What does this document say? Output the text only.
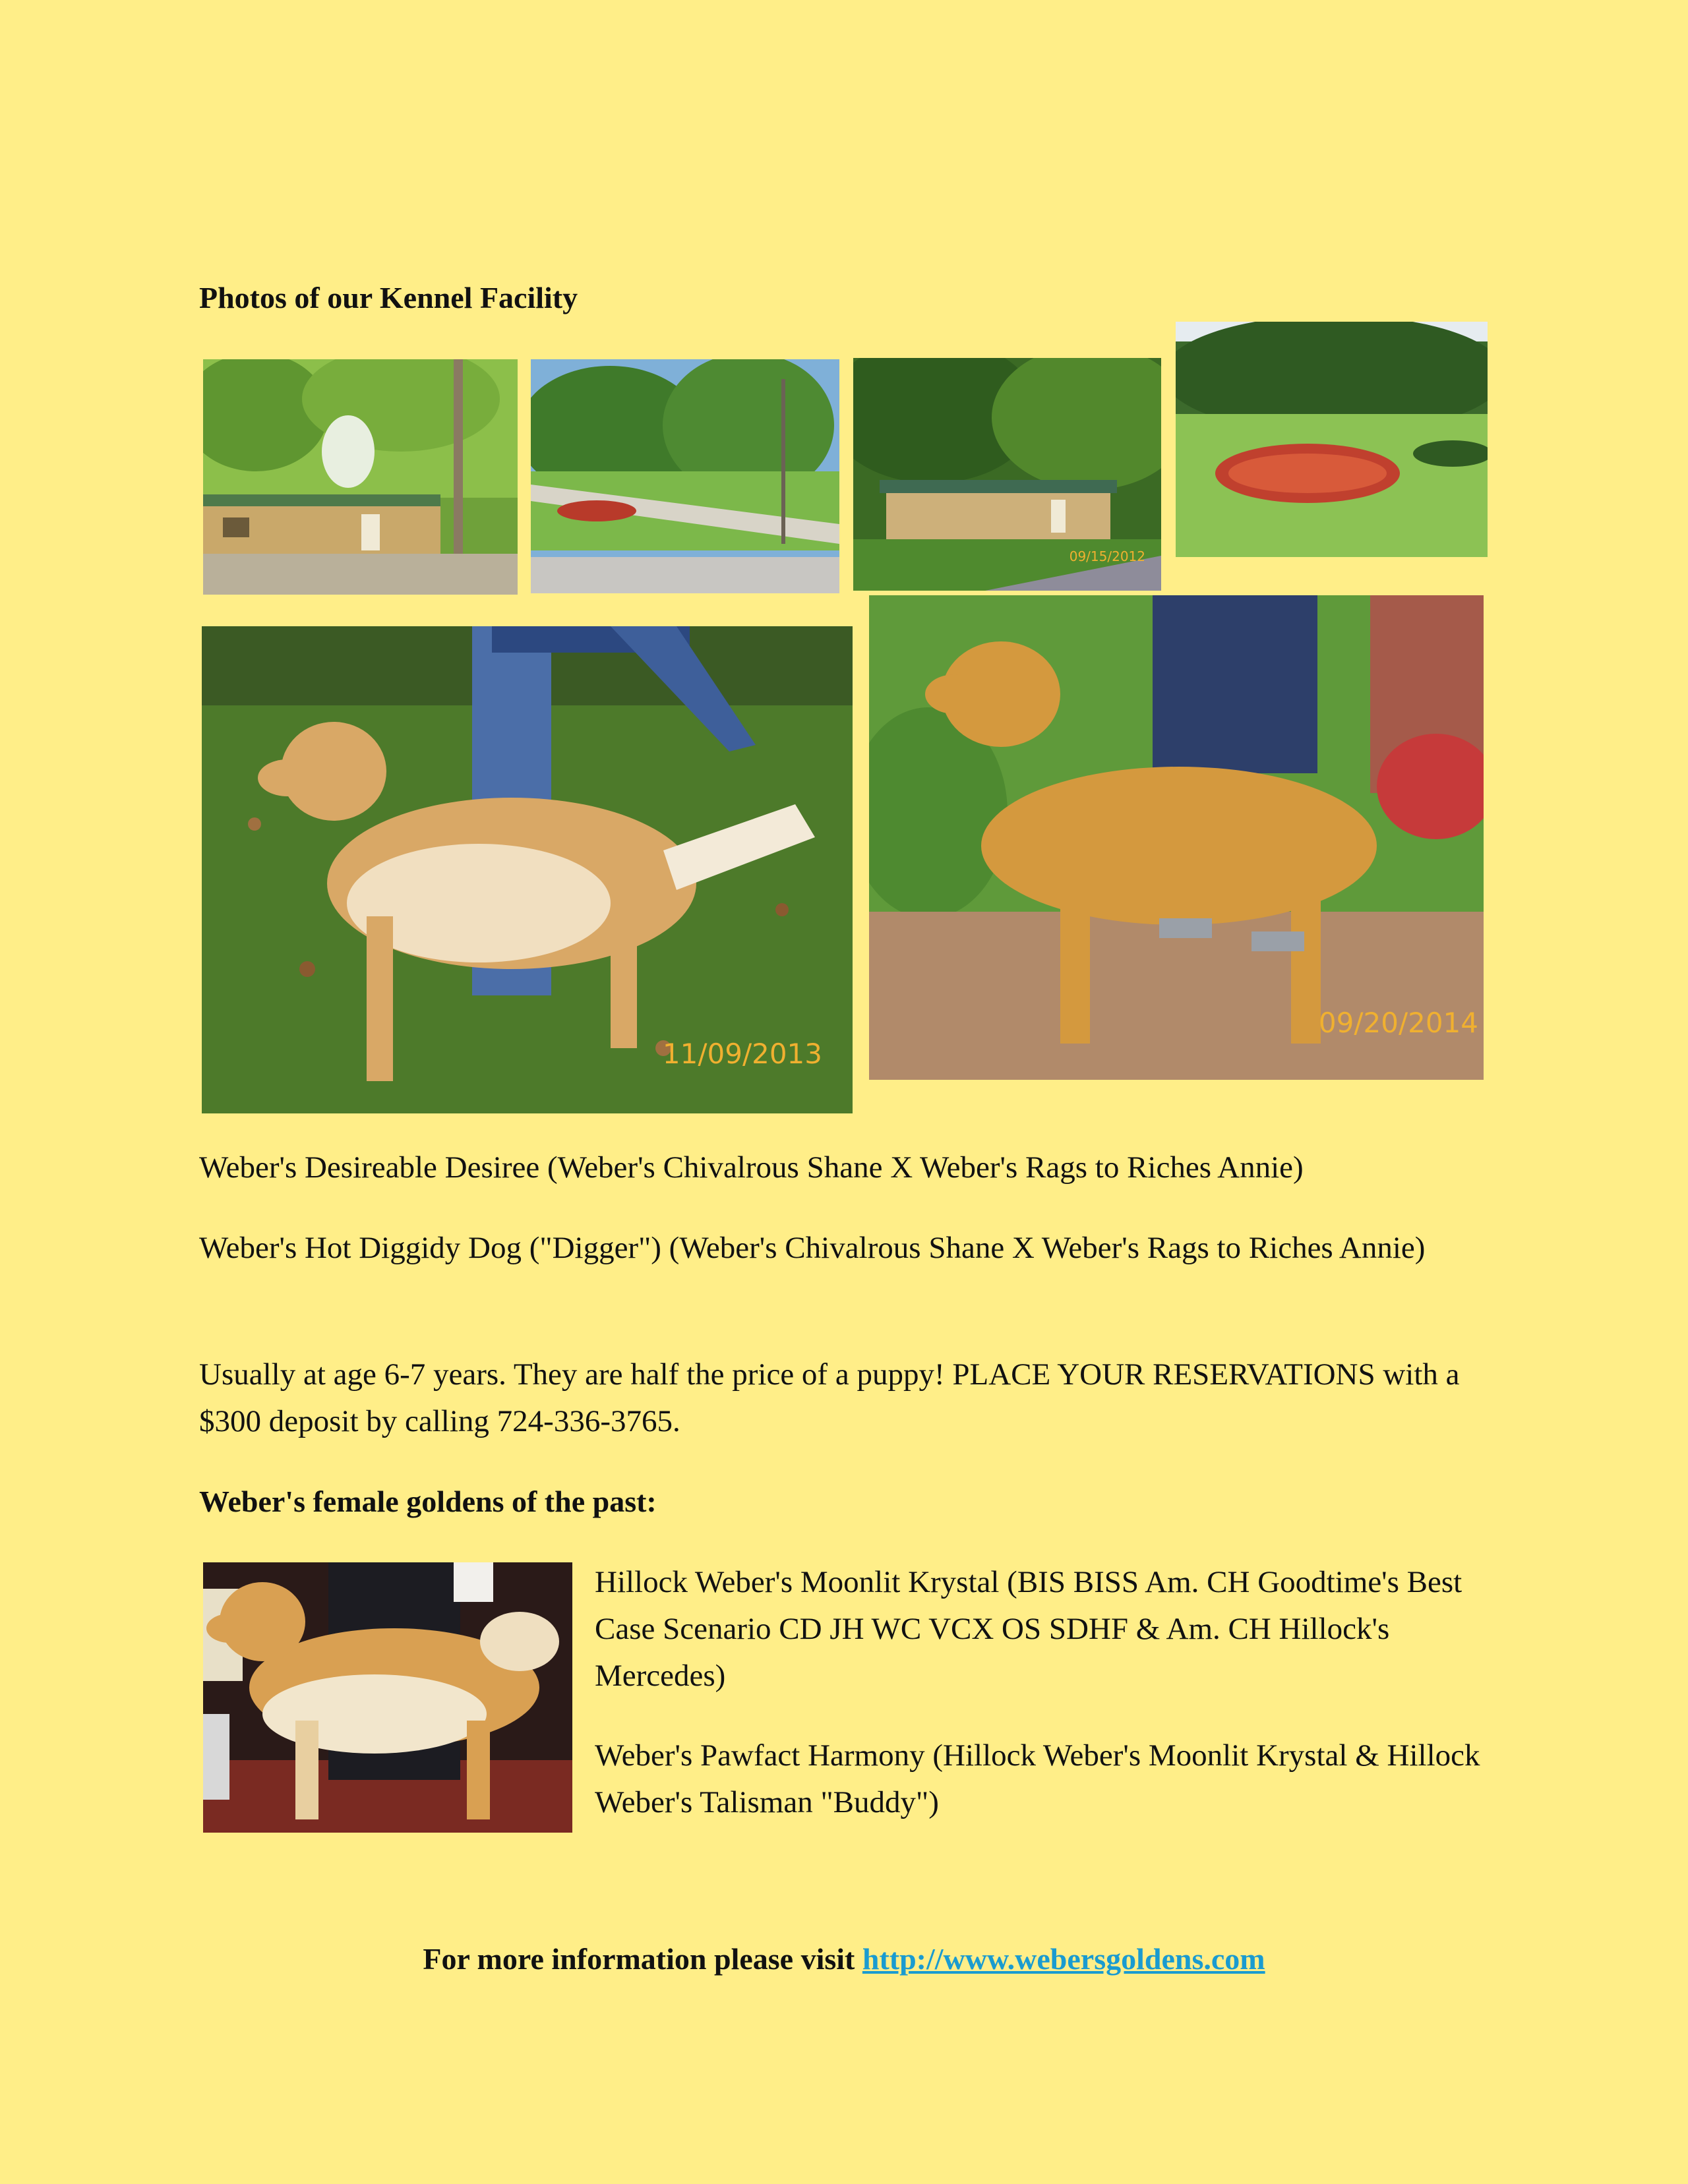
Photos of our Kennel Facility
09/15/2012
11/09/2013
09/20/2014
Weber's Desireable Desiree (Weber's Chivalrous Shane X Weber's Rags to Riches Annie)
Weber's Hot Diggidy Dog ("Digger") (Weber's Chivalrous Shane X Weber's Rags to Riches Annie)
Usually at age 6-7 years. They are half the price of a puppy! PLACE YOUR RESERVATIONS with a $300 deposit by calling 724-336-3765.
Weber's female goldens of the past:
Hillock Weber's Moonlit Krystal (BIS BISS Am. CH Goodtime's Best Case Scenario CD JH WC VCX OS SDHF & Am. CH Hillock's Mercedes)
Weber's Pawfact Harmony (Hillock Weber's Moonlit Krystal & Hillock Weber's Talisman "Buddy")
For more information please visit http://www.webersgoldens.com
